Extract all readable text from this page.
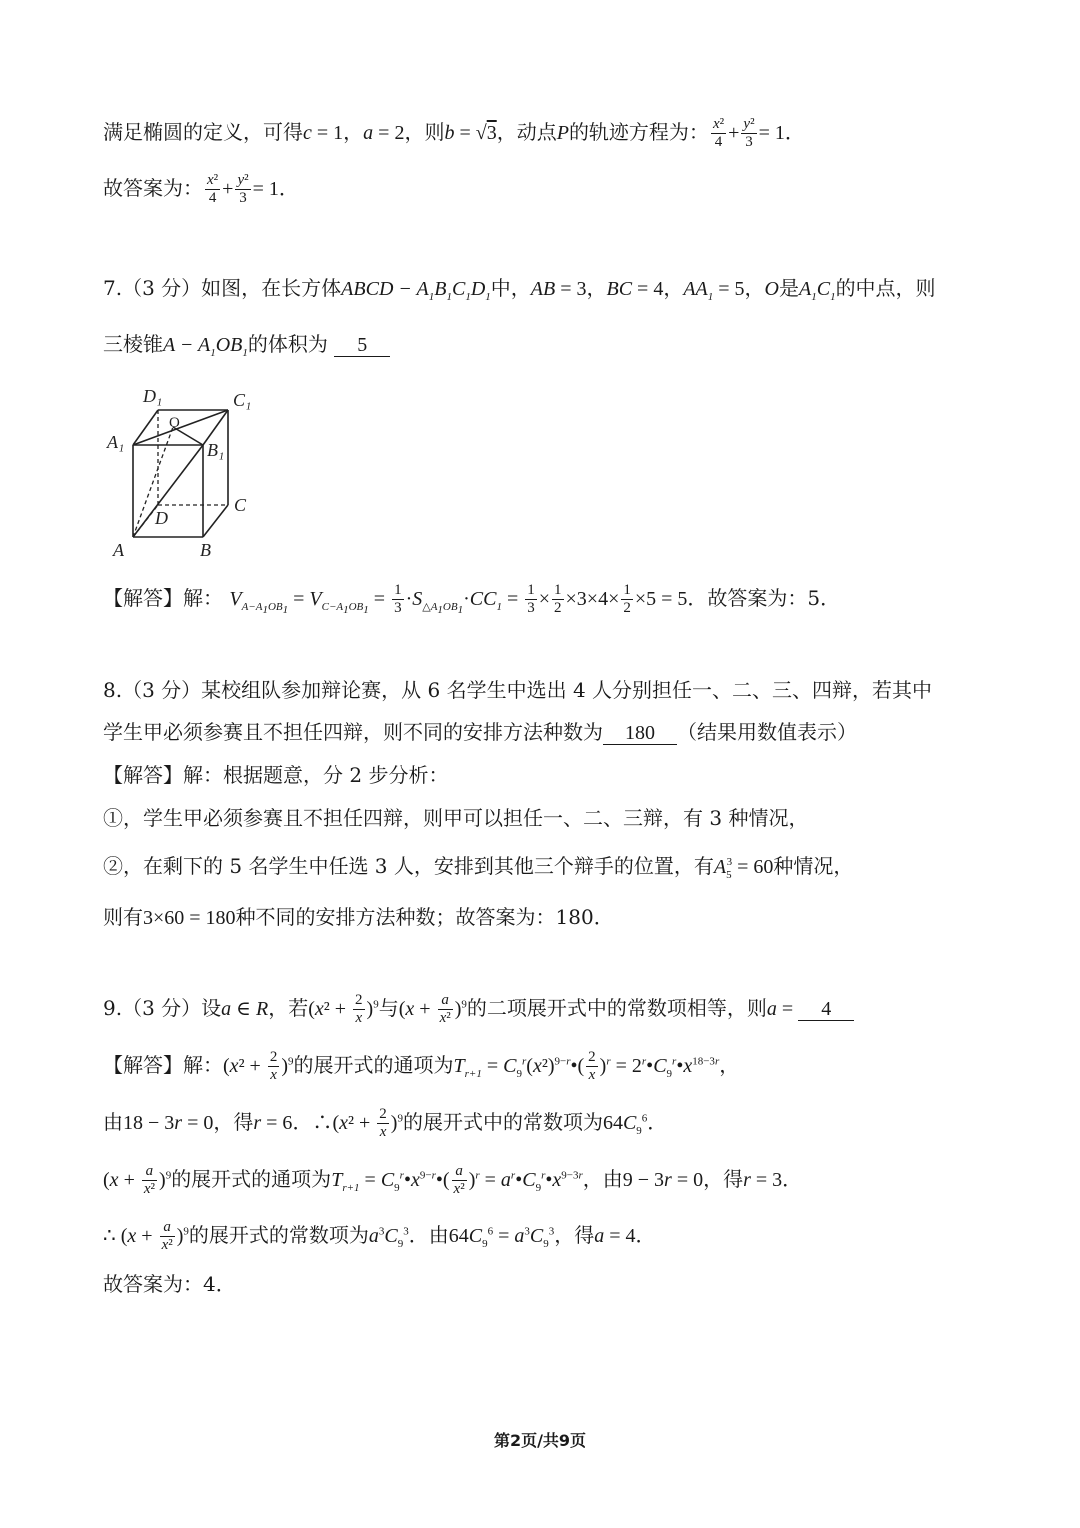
满足椭圆的定义，可得c = 1，a = 2，则b = √3，动点P的轨迹方程为： $\frac{\text{x²}}{4} + \frac{\text{y²}}{3} = 1$．
故答案为： $\frac{\text{x²}}{4} + \frac{\text{y²}}{3} = 1$．
7.（3 分）如图，在长方体ABCD − $A_1B_1C_1D_1$中，AB = 3，BC = 4，$AA_1 = 5$，O是$A_1C_1$的中点，则
三棱锥$A - A_1OB_1$的体积为 5
D₁	C₁
O
A₁	B₁
D
C
A	B
【解答】解： $V_{A-A_1OB_1} = V_{C-A_1OB_1} = \frac{1}{3} \cdot S_{\triangle A_1OB_1}\cdot CC_1 = \frac{1}{3} \times \frac{1}{2} \times 3\times 4\times \frac{1}{2} \times 5 = 5$．故答案为：5．
8.（3 分）某校组队参加辩论赛，从 6 名学生中选出 4 人分别担任一、二、三、四辩，若其中
学生甲必须参赛且不担任四辩，则不同的安排方法种数为 180 （结果用数值表示）
【解答】解：根据题意，分 2 步分析：
①，学生甲必须参赛且不担任四辩，则甲可以担任一、二、三辩，有 3 种情况，
②，在剩下的 5 名学生中任选 3 人，安排到其他三个辩手的位置，有$A_5^3 = 60$种情况，
则有3×60 = 180种不同的安排方法种数；故答案为：180．
9.（3 分）设a ∈ R，若$(x^2 + \frac{2}{x} )^9$与$(x + \frac{a}{\text{x²}} )^9$的二项展开式中的常数项相等，则a = 4
【解答】解：$(x^2 + \frac{2}{x} )^9$的展开式的通项为$T_{r+1}$ = $C_9^r(x^2)^{9-r}•( \frac{2}{x} )^r$ = $2^r•C_9^r•x^{18-3r}$，
由18 − 3r = 0，得r = 6．∴(x² + $\frac{2}{x} )^9$的展开式中的常数项为$64C_9^6$．
$(x + \frac{a}{\text{x²}} )^9$的展开式的通项为$T_{r+1}$ = $C_9^r•x^{9-r}•( \frac{a}{\text{x²}} )^r$ = $a^r•C_9^r•x^{9-3r}$，由9 − 3r = 0，得r = 3．
∴ $(x + \frac{a}{\text{x²}} )^9$的展开式的常数项为$a^3C_9^3$．由$64C_9^6 = a^3C_9^3$，得a = 4．
故答案为：4．
第2页/共9页
